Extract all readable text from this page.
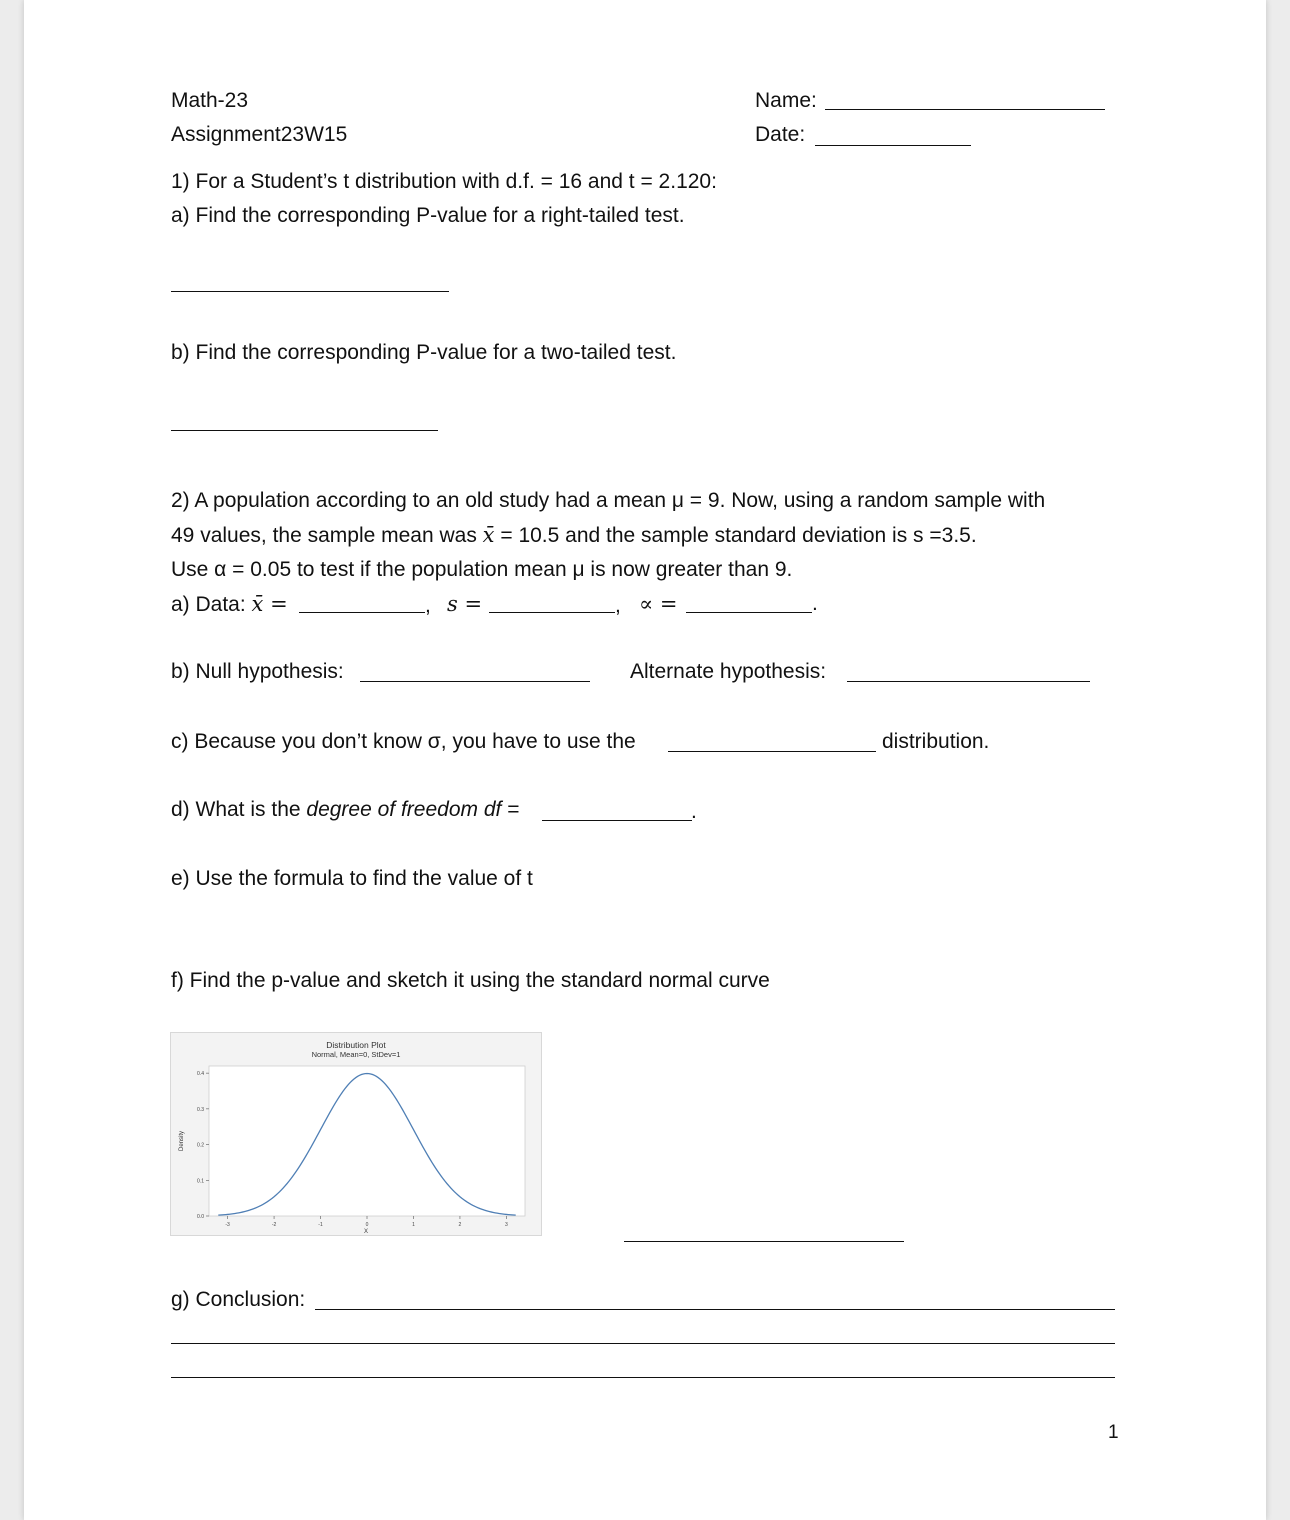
Math-23
Assignment23W15
Name:
Date:
1) For a Student’s t distribution with d.f. = 16 and t = 2.120:
a) Find the corresponding P-value for a right-tailed test.
b) Find the corresponding P-value for a two-tailed test.
2) A population according to an old study had a mean μ = 9. Now, using a random sample with
49 values, the sample mean was x̄ = 10.5 and the sample standard deviation is s =3.5.
Use α = 0.05 to test if the population mean μ is now greater than 9.
a) Data: x̄ =	, s =	, ∝ =	.
b) Null hypothesis:	Alternate hypothesis:
c) Because you don’t know σ, you have to use the	distribution.
d) What is the degree of freedom df =	.
e) Use the formula to find the value of t
f) Find the p-value and sketch it using the standard normal curve
Distribution Plot
Normal, Mean=0, StDev=1
Density
X
-3	-2	-1	0	1	2	3
0.0
0.1
0.2
0.3
0.4
g) Conclusion:
1
